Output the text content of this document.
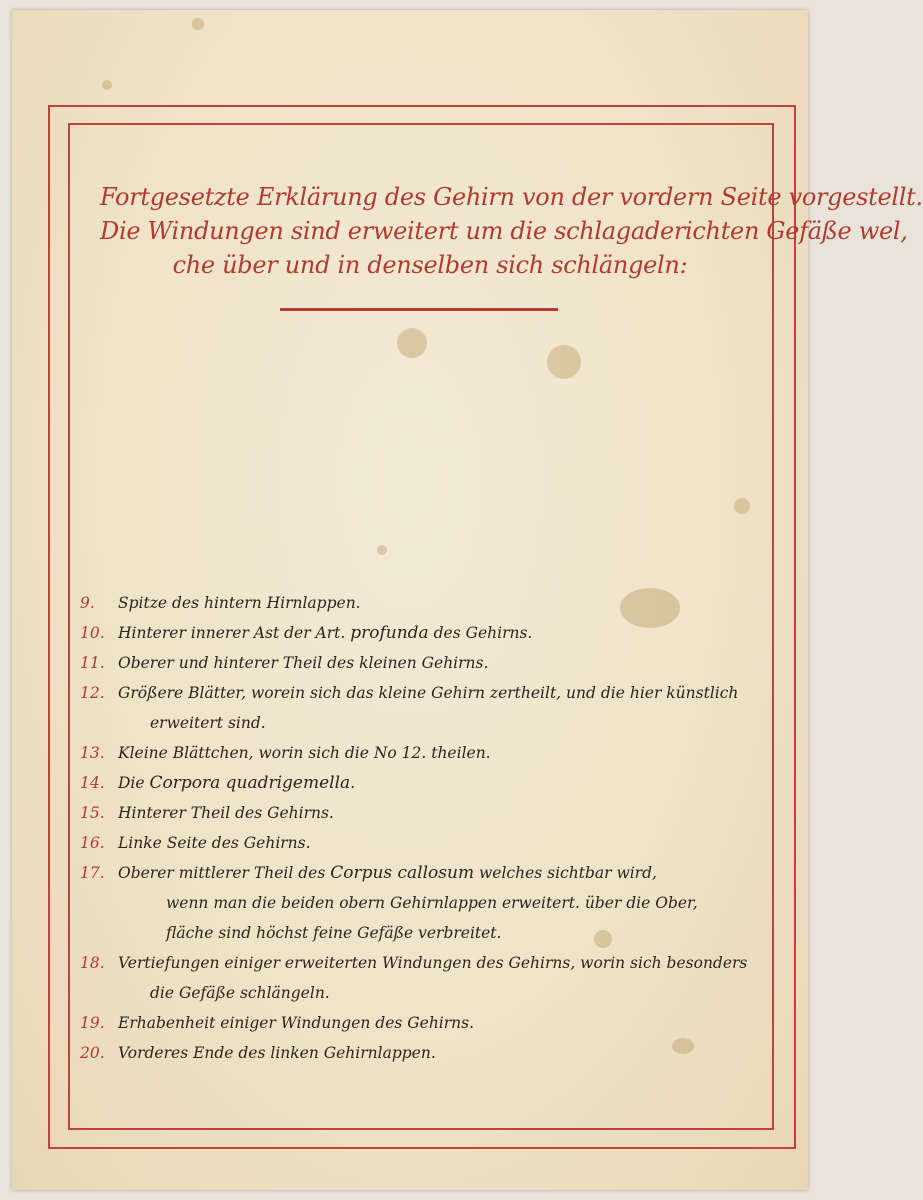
Fortgesetzte Erklärung des Gehirn von der vordern Seite vorgestellt.
Die Windungen sind erweitert um die schlagaderichten Gefäße wel,
che über und in denselben sich schlängeln:
9. Spitze des hintern Hirnlappen.
10. Hinterer innerer Ast der Art. profunda des Gehirns.
11. Oberer und hinterer Theil des kleinen Gehirns.
12. Größere Blätter, worein sich das kleine Gehirn zertheilt, und die hier künstlich
erweitert sind.
13. Kleine Blättchen, worin sich die No 12. theilen.
14. Die Corpora quadrigemella.
15. Hinterer Theil des Gehirns.
16. Linke Seite des Gehirns.
17. Oberer mittlerer Theil des Corpus callosum welches sichtbar wird,
wenn man die beiden obern Gehirnlappen erweitert. über die Ober,
fläche sind höchst feine Gefäße verbreitet.
18. Vertiefungen einiger erweiterten Windungen des Gehirns, worin sich besonders
die Gefäße schlängeln.
19. Erhabenheit einiger Windungen des Gehirns.
20. Vorderes Ende des linken Gehirnlappen.
